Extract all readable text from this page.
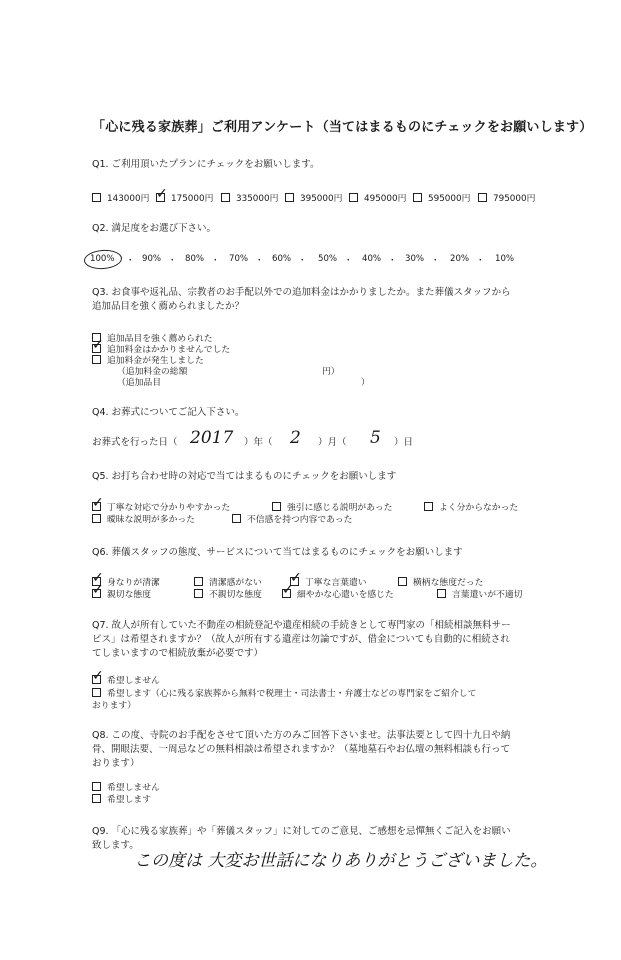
「心に残る家族葬」ご利用アンケート（当てはまるものにチェックをお願いします）
Q1. ご利用頂いたプランにチェックをお願いします。
143000円 ✓ 175000円	335000円	395000円	495000円	595000円	795000円
Q2. 満足度をお選び下さい。
100% ・ 90% ・ 80% ・ 70% ・ 60% ・ 50% ・ 40% ・ 30% ・ 20% ・ 10%
Q3. お食事や返礼品、宗教者のお手配以外での追加料金はかかりましたか。また葬儀スタッフから
追加品目を強く薦められましたか？
追加品目を強く薦められた
✓ 追加料金はかかりませんでした
追加料金が発生しました
（追加料金の総額	円）
（追加品目	）
Q4. お葬式についてご記入下さい。
お葬式を行った日（ 2017 ）年（ 2 ）月（ 5 ）日
Q5. お打ち合わせ時の対応で当てはまるものにチェックをお願いします
✓ 丁寧な対応で分かりやすかった	強引に感じる説明があった	よく分からなかった
曖昧な説明が多かった	不信感を持つ内容であった
Q6. 葬儀スタッフの態度、サービスについて当てはまるものにチェックをお願いします
✓ 身なりが清潔	清潔感がない ✓ 丁寧な言葉遣い	横柄な態度だった
✓ 親切な態度	不親切な態度 ✓ 細やかな心遣いを感じた	言葉遣いが不適切
Q7. 故人が所有していた不動産の相続登記や遺産相続の手続きとして専門家の「相続相談無料サー
ビス」は希望されますか？（故人が所有する遺産は勿論ですが、借金についても自動的に相続され
てしまいますので相続放棄が必要です）
✓ 希望しません
希望します（心に残る家族葬から無料で税理士・司法書士・弁護士などの専門家をご紹介して
おります）
Q8. この度、寺院のお手配をさせて頂いた方のみご回答下さいませ。法事法要として四十九日や納
骨、開眼法要、一周忌などの無料相談は希望されますか？（墓地墓石やお仏壇の無料相談も行って
おります）
希望しません
希望します
Q9. 「心に残る家族葬」や「葬儀スタッフ」に対してのご意見、ご感想を忌憚無くご記入をお願い
致します。
この度は 大変お世話になりありがとうございました。
